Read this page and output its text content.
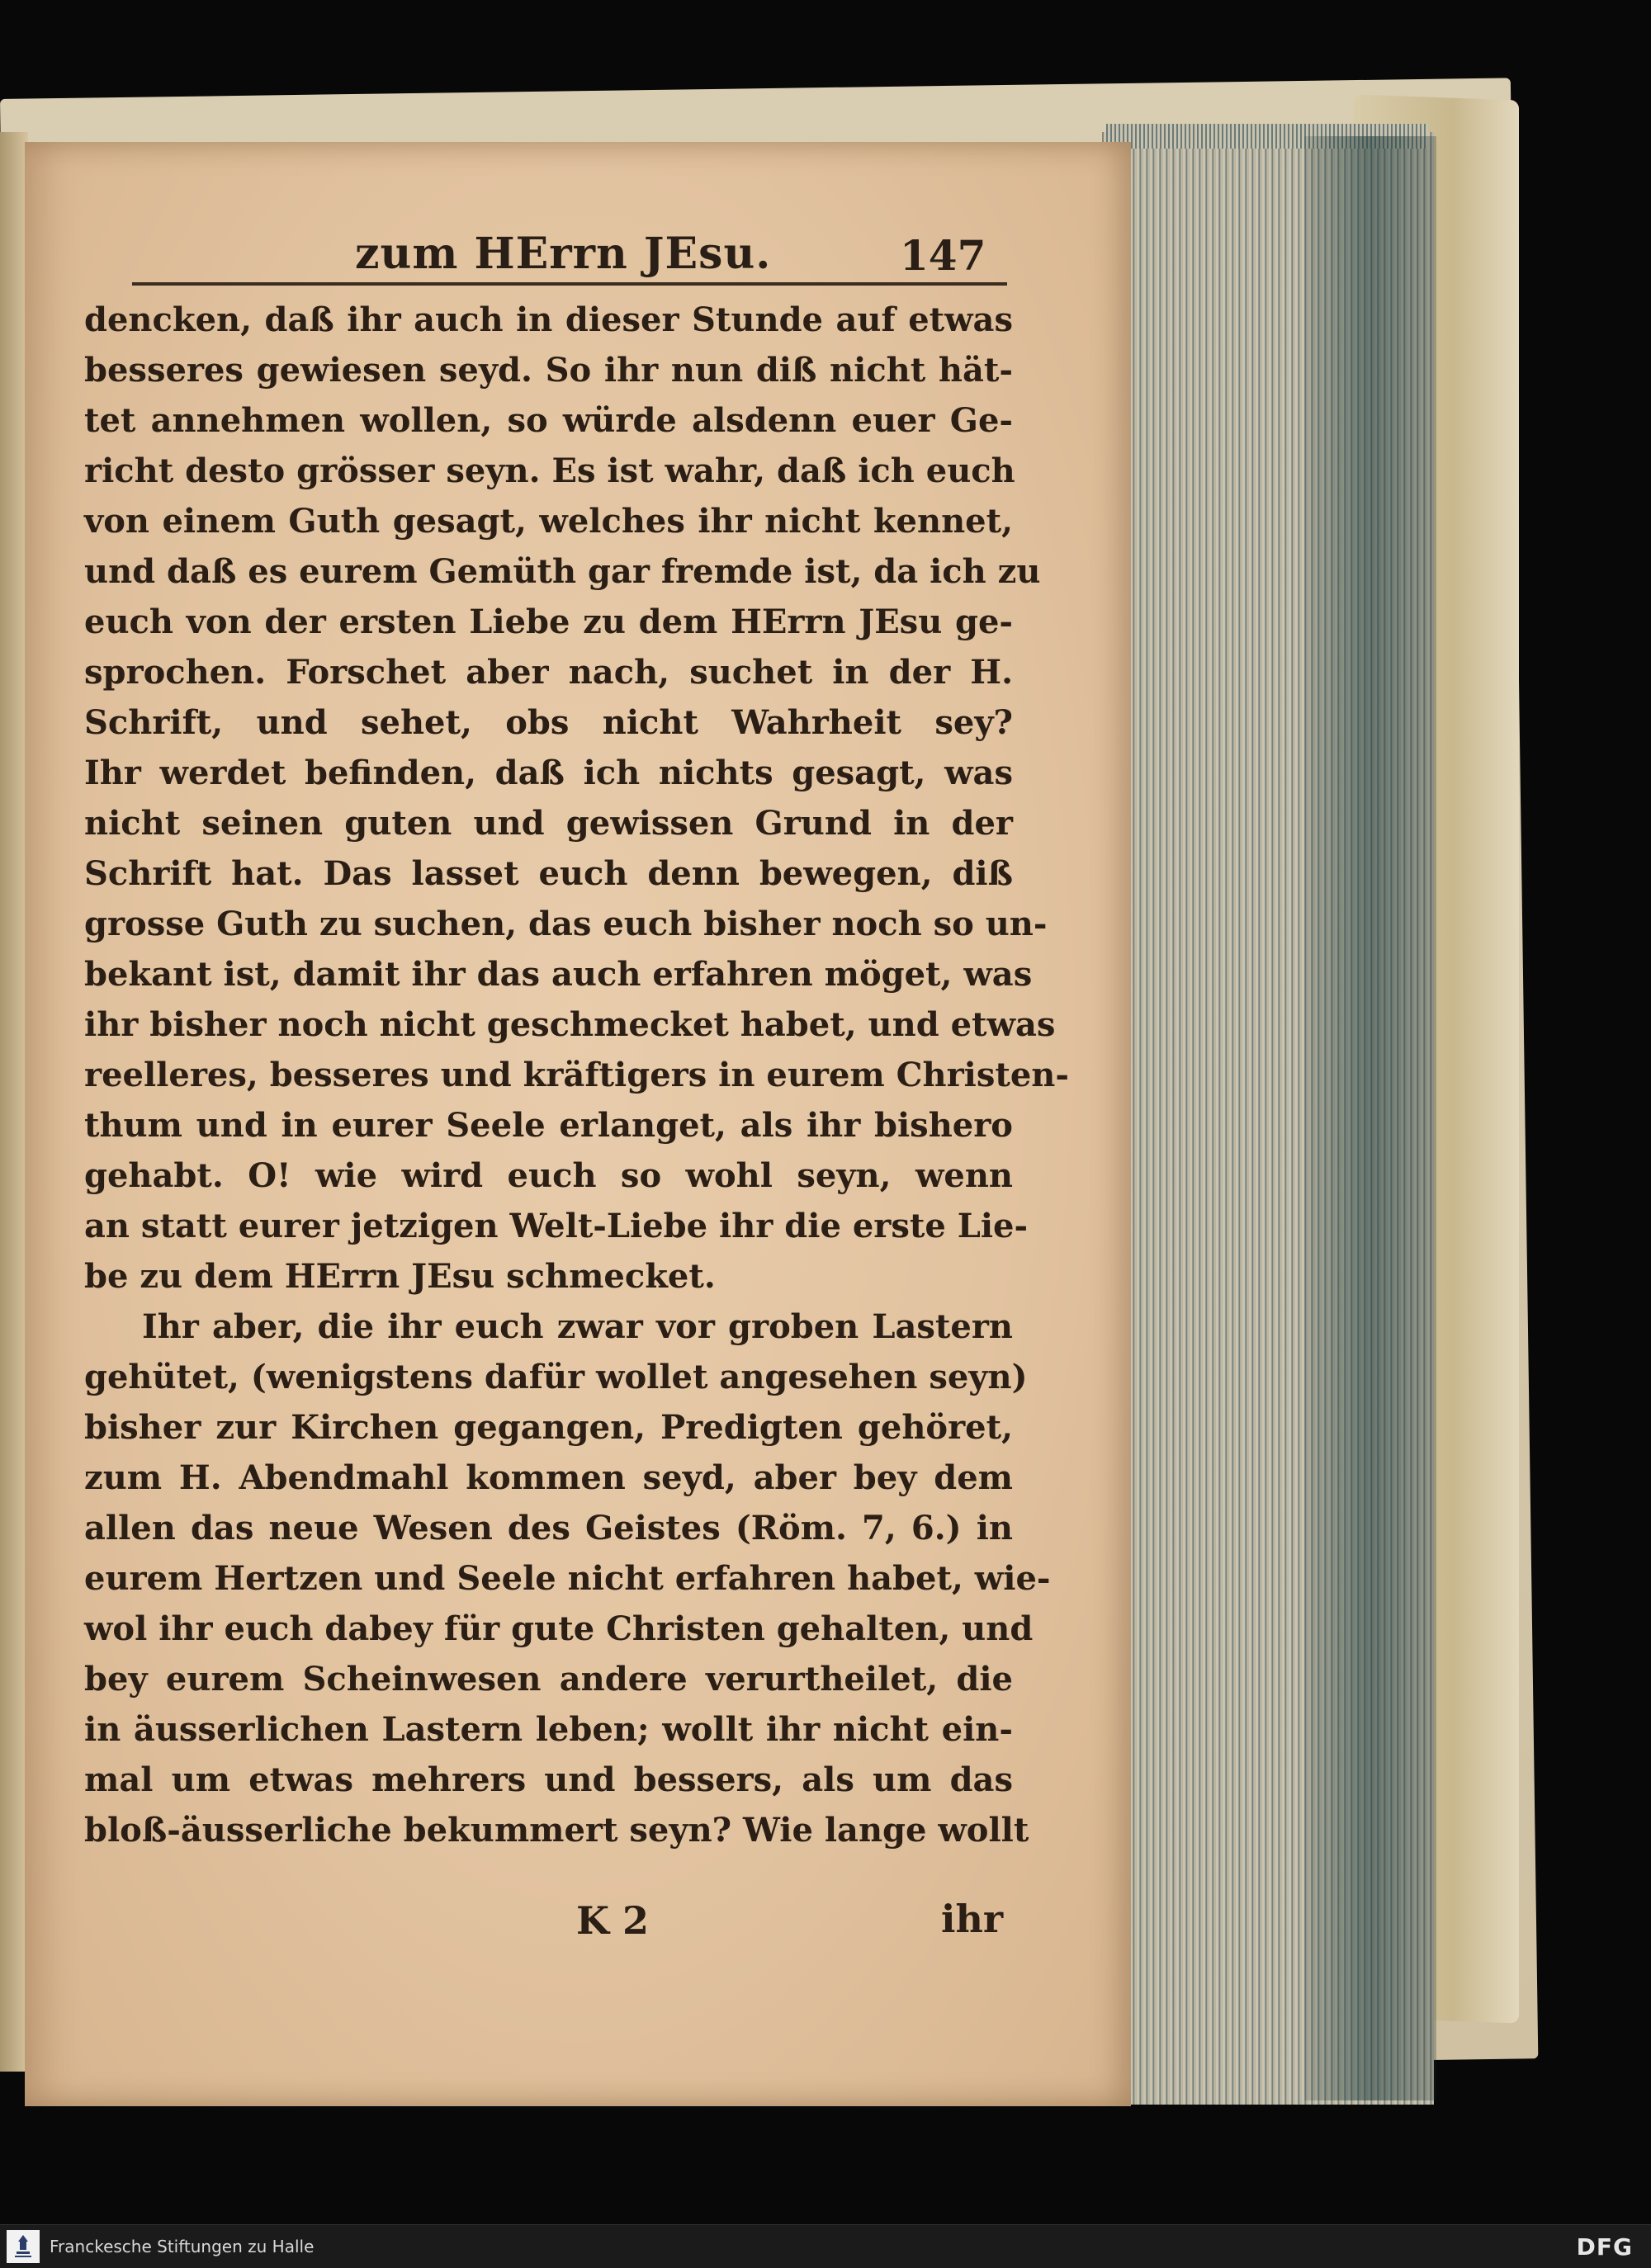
zum HErrn JEsu.	147
dencken, daß ihr auch in dieser Stunde auf etwas
besseres gewiesen seyd. So ihr nun diß nicht hät-
tet annehmen wollen, so würde alsdenn euer Ge-
richt desto grösser seyn. Es ist wahr, daß ich euch
von einem Guth gesagt, welches ihr nicht kennet,
und daß es eurem Gemüth gar fremde ist, da ich zu
euch von der ersten Liebe zu dem HErrn JEsu ge-
sprochen. Forschet aber nach, suchet in der H.
Schrift, und sehet, obs nicht Wahrheit sey?
Ihr werdet befinden, daß ich nichts gesagt, was
nicht seinen guten und gewissen Grund in der
Schrift hat. Das lasset euch denn bewegen, diß
grosse Guth zu suchen, das euch bisher noch so un-
bekant ist, damit ihr das auch erfahren möget, was
ihr bisher noch nicht geschmecket habet, und etwas
reelleres, besseres und kräftigers in eurem Christen-
thum und in eurer Seele erlanget, als ihr bishero
gehabt. O! wie wird euch so wohl seyn, wenn
an statt eurer jetzigen Welt-Liebe ihr die erste Lie-
be zu dem HErrn JEsu schmecket.
Ihr aber, die ihr euch zwar vor groben Lastern
gehütet, (wenigstens dafür wollet angesehen seyn)
bisher zur Kirchen gegangen, Predigten gehöret,
zum H. Abendmahl kommen seyd, aber bey dem
allen das neue Wesen des Geistes (Röm. 7, 6.) in
eurem Hertzen und Seele nicht erfahren habet, wie-
wol ihr euch dabey für gute Christen gehalten, und
bey eurem Scheinwesen andere verurtheilet, die
in äusserlichen Lastern leben; wollt ihr nicht ein-
mal um etwas mehrers und bessers, als um das
bloß-äusserliche bekummert seyn? Wie lange wollt
K 2	ihr
Franckesche Stiftungen zu Halle	DFG
